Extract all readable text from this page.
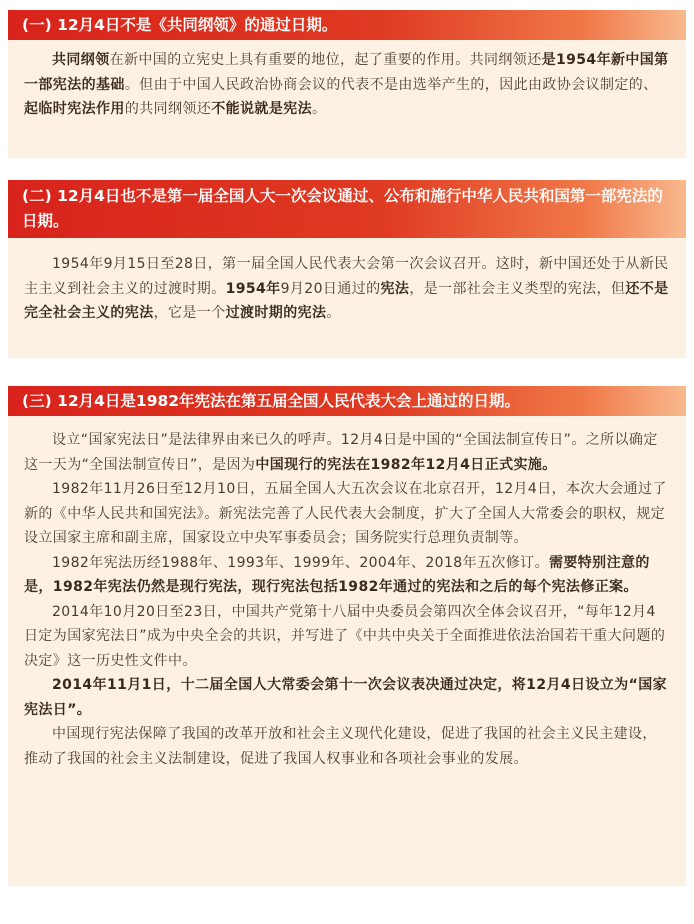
(一) 12月4日不是《共同纲领》的通过日期。

共同纲领在新中国的立宪史上具有重要的地位，起了重要的作用。共同纲领还是1954年新中国第一部宪法的基础。但由于中国人民政治协商会议的代表不是由选举产生的，因此由政协会议制定的、起临时宪法作用的共同纲领还不能说就是宪法。

(二) 12月4日也不是第一届全国人大一次会议通过、公布和施行中华人民共和国第一部宪法的日期。

1954年9月15日至28日，第一届全国人民代表大会第一次会议召开。这时，新中国还处于从新民主主义到社会主义的过渡时期。1954年9月20日通过的宪法，是一部社会主义类型的宪法，但还不是完全社会主义的宪法，它是一个过渡时期的宪法。

(三) 12月4日是1982年宪法在第五届全国人民代表大会上通过的日期。

设立“国家宪法日”是法律界由来已久的呼声。12月4日是中国的“全国法制宣传日”。之所以确定这一天为“全国法制宣传日”，是因为中国现行的宪法在1982年12月4日正式实施。

1982年11月26日至12月10日，五届全国人大五次会议在北京召开，12月4日，本次大会通过了新的《中华人民共和国宪法》。新宪法完善了人民代表大会制度，扩大了全国人大常委会的职权，规定设立国家主席和副主席，国家设立中央军事委员会；国务院实行总理负责制等。

1982年宪法历经1988年、1993年、1999年、2004年、2018年五次修订。需要特别注意的是，1982年宪法仍然是现行宪法，现行宪法包括1982年通过的宪法和之后的每个宪法修正案。

2014年10月20日至23日，中国共产党第十八届中央委员会第四次全体会议召开，“每年12月4日定为国家宪法日”成为中央全会的共识，并写进了《中共中央关于全面推进依法治国若干重大问题的决定》这一历史性文件中。

2014年11月1日，十二届全国人大常委会第十一次会议表决通过决定，将12月4日设立为“国家宪法日”。

中国现行宪法保障了我国的改革开放和社会主义现代化建设，促进了我国的社会主义民主建设，推动了我国的社会主义法制建设，促进了我国人权事业和各项社会事业的发展。
